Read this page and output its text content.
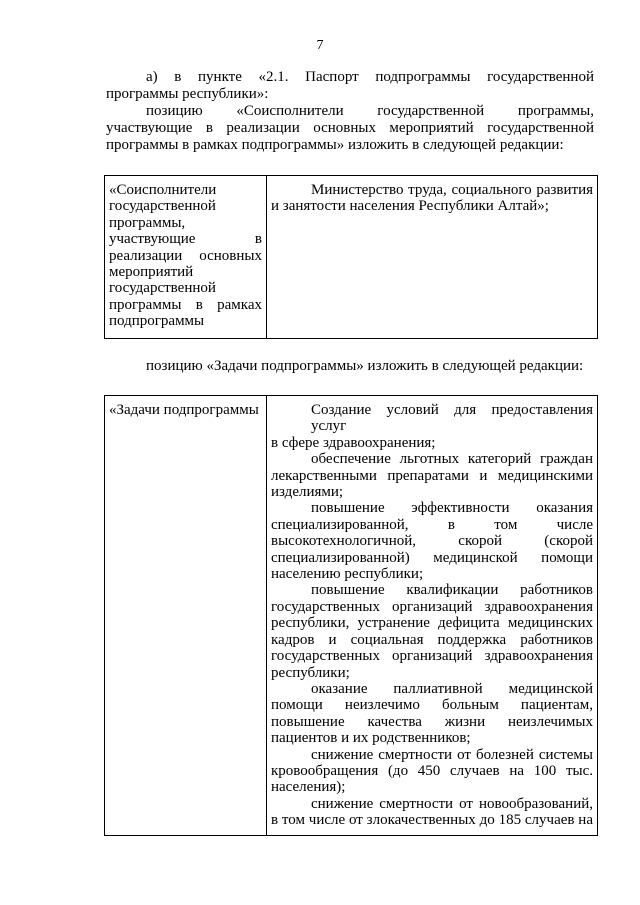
7
а) в пункте «2.1. Паспорт подпрограммы государственной
программы республики»:
позицию «Соисполнители государственной программы,
участвующие в реализации основных мероприятий государственной
программы в рамках подпрограммы» изложить в следующей редакции:
«Соисполнители
государственной
программы,
участвующие в
реализации основных
мероприятий
государственной
программы в рамках
подпрограммы
Министерство труда, социального развития
и занятости населения Республики Алтай»;
позицию «Задачи подпрограммы» изложить в следующей редакции:
«Задачи подпрограммы	Создание условий для предоставления услуг
в сфере здравоохранения;
обеспечение льготных категорий граждан
лекарственными препаратами и медицинскими
изделиями;
повышение эффективности оказания
специализированной, в том числе
высокотехнологичной, скорой (скорой
специализированной) медицинской помощи
населению республики;
повышение квалификации работников
государственных организаций здравоохранения
республики, устранение дефицита медицинских
кадров и социальная поддержка работников
государственных организаций здравоохранения
республики;
оказание паллиативной медицинской
помощи неизлечимо больным пациентам,
повышение качества жизни неизлечимых
пациентов и их родственников;
снижение смертности от болезней системы
кровообращения (до 450 случаев на 100 тыс.
населения);
снижение смертности от новообразований,
в том числе от злокачественных до 185 случаев на
